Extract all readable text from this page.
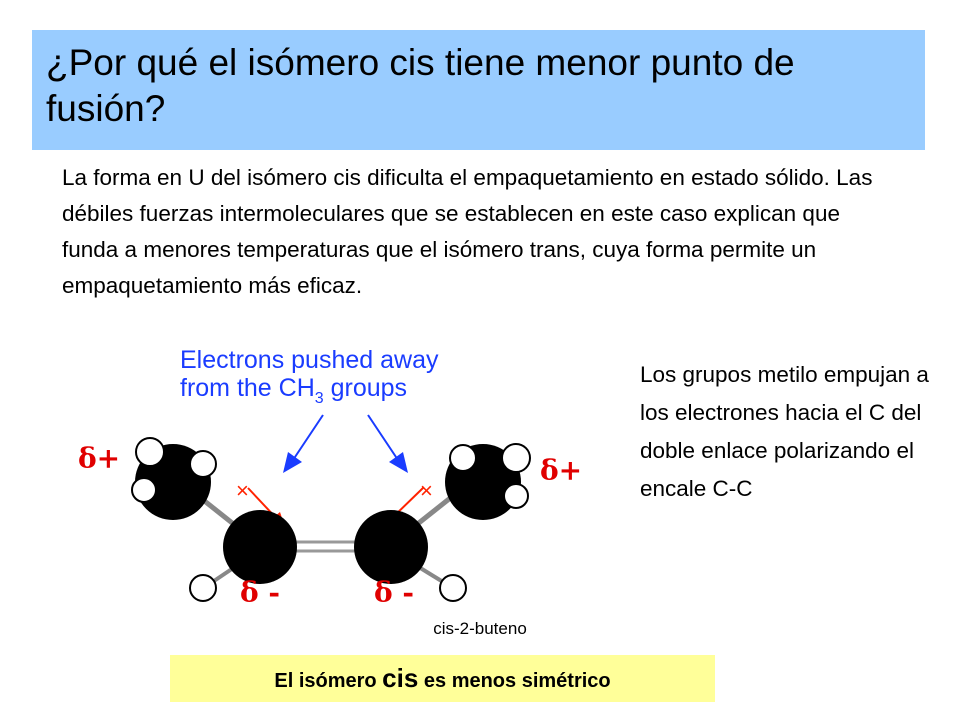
¿Por qué el isómero cis tiene menor punto de fusión?

La forma en U del isómero cis dificulta el empaquetamiento en estado sólido. Las débiles fuerzas intermoleculares que se establecen en este caso explican que funda a menores temperaturas que el isómero trans, cuya forma permite un empaquetamiento más eficaz.

Electrons pushed away
from the $CH_3$ groups
×	×
δ+	δ+
δ -	δ -

Los grupos metilo empujan a los electrones hacia el C del doble enlace polarizando el encale C-C

cis-2-buteno
El isómero cis es menos simétrico
